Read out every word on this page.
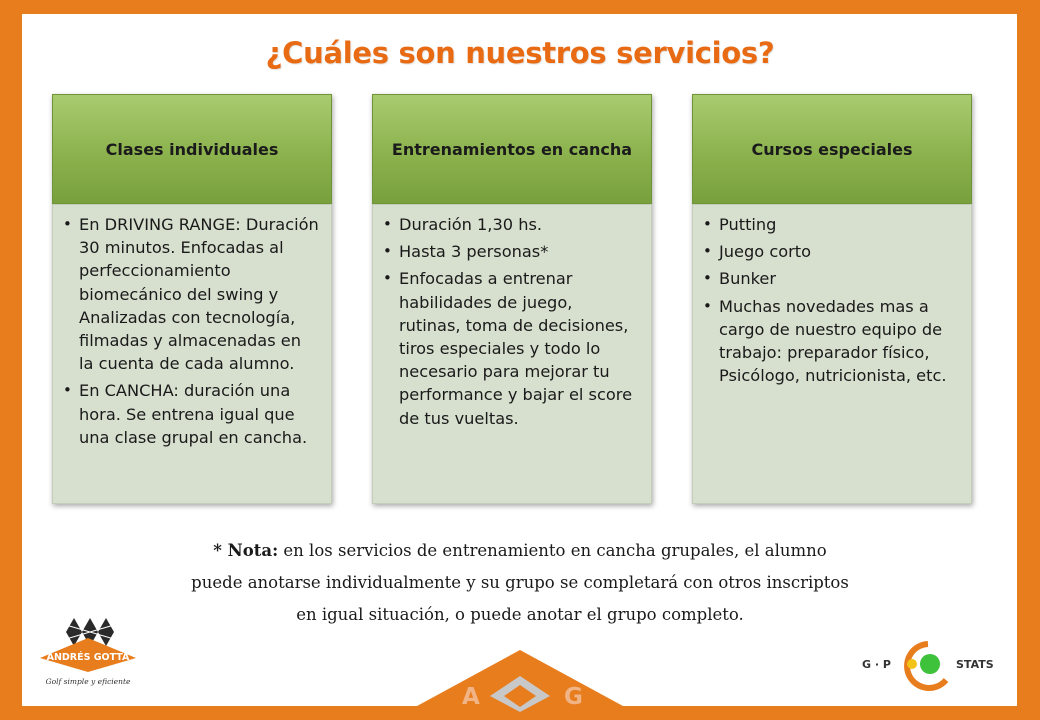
¿Cuáles son nuestros servicios?
Clases individuales
• En DRIVING RANGE: Duración 30 minutos. Enfocadas al perfeccionamiento biomecánico del swing y Analizadas con tecnología, filmadas y almacenadas en la cuenta de cada alumno.
• En CANCHA: duración una hora. Se entrena igual que una clase grupal en cancha.
Entrenamientos en cancha
• Duración 1,30 hs.
• Hasta 3 personas*
• Enfocadas a entrenar habilidades de juego, rutinas, toma de decisiones, tiros especiales y todo lo necesario para mejorar tu performance y bajar el score de tus vueltas.
Cursos especiales
• Putting
• Juego corto
• Bunker
• Muchas novedades mas a cargo de nuestro equipo de trabajo: preparador físico, Psicólogo, nutricionista, etc.
* Nota: en los servicios de entrenamiento en cancha grupales, el alumno
puede anotarse individualmente y su grupo se completará con otros inscriptos
en igual situación, o puede anotar el grupo completo.
ANDRÉS GOTTA
Golf simple y eficiente
A	G
G · P	STATS
